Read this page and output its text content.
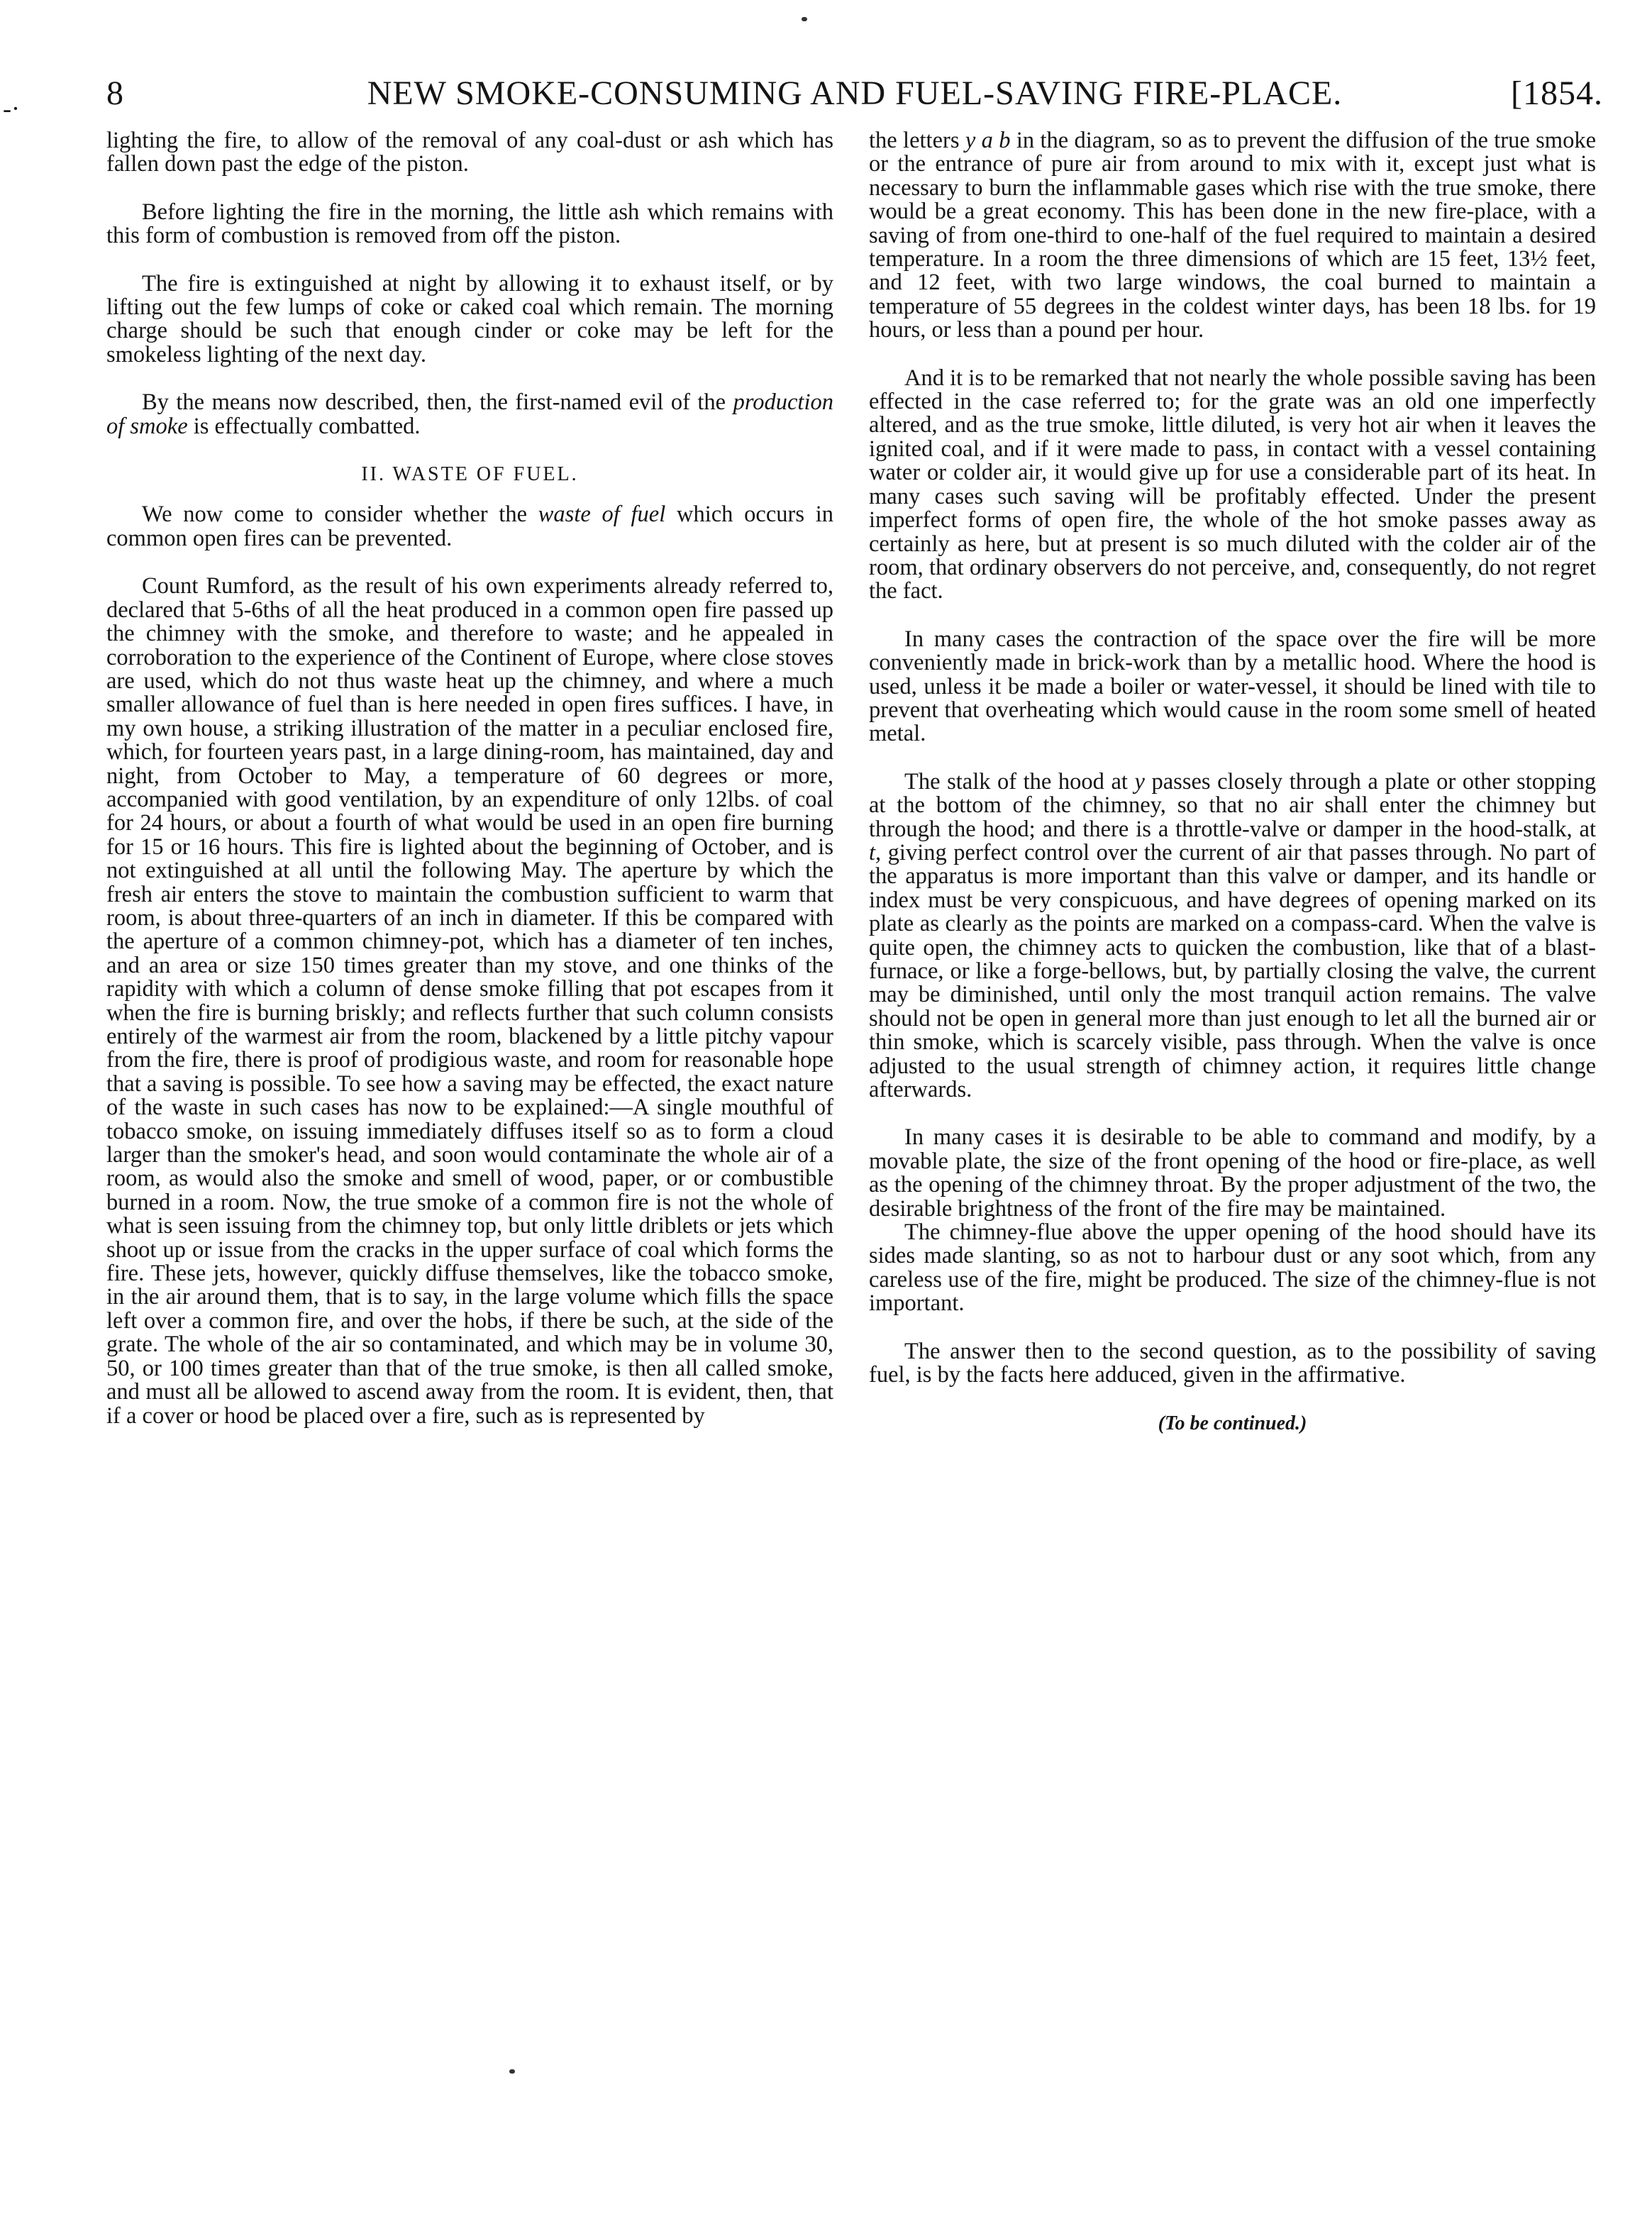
-·	8	NEW SMOKE-CONSUMING AND FUEL-SAVING FIRE-PLACE.	[1854.

lighting the fire, to allow of the removal of any coal-dust or ash which has fallen down past the edge of the piston.

Before lighting the fire in the morning, the little ash which remains with this form of combustion is removed from off the piston.

The fire is extinguished at night by allowing it to exhaust itself, or by lifting out the few lumps of coke or caked coal which remain. The morning charge should be such that enough cinder or coke may be left for the smokeless lighting of the next day.

By the means now described, then, the first-named evil of the production of smoke is effectually combatted.

II. WASTE OF FUEL.

We now come to consider whether the waste of fuel which occurs in common open fires can be prevented.

Count Rumford, as the result of his own experiments already referred to, declared that 5-6ths of all the heat produced in a common open fire passed up the chimney with the smoke, and therefore to waste; and he appealed in corroboration to the experience of the Continent of Europe, where close stoves are used, which do not thus waste heat up the chimney, and where a much smaller allowance of fuel than is here needed in open fires suffices. I have, in my own house, a striking illustration of the matter in a peculiar enclosed fire, which, for fourteen years past, in a large dining-room, has maintained, day and night, from October to May, a temperature of 60 degrees or more, accompanied with good ventilation, by an expenditure of only 12lbs. of coal for 24 hours, or about a fourth of what would be used in an open fire burning for 15 or 16 hours. This fire is lighted about the beginning of October, and is not extinguished at all until the following May. The aperture by which the fresh air enters the stove to maintain the combustion sufficient to warm that room, is about three-quarters of an inch in diameter. If this be compared with the aperture of a common chimney-pot, which has a diameter of ten inches, and an area or size 150 times greater than my stove, and one thinks of the rapidity with which a column of dense smoke filling that pot escapes from it when the fire is burning briskly; and reflects further that such column consists entirely of the warmest air from the room, blackened by a little pitchy vapour from the fire, there is proof of prodigious waste, and room for reasonable hope that a saving is possible. To see how a saving may be effected, the exact nature of the waste in such cases has now to be explained:—A single mouthful of tobacco smoke, on issuing immediately diffuses itself so as to form a cloud larger than the smoker's head, and soon would contaminate the whole air of a room, as would also the smoke and smell of wood, paper, or or combustible burned in a room. Now, the true smoke of a common fire is not the whole of what is seen issuing from the chimney top, but only little driblets or jets which shoot up or issue from the cracks in the upper surface of coal which forms the fire. These jets, however, quickly diffuse themselves, like the tobacco smoke, in the air around them, that is to say, in the large volume which fills the space left over a common fire, and over the hobs, if there be such, at the side of the grate. The whole of the air so contaminated, and which may be in volume 30, 50, or 100 times greater than that of the true smoke, is then all called smoke, and must all be allowed to ascend away from the room. It is evident, then, that if a cover or hood be placed over a fire, such as is represented by

the letters y a b in the diagram, so as to prevent the diffusion of the true smoke or the entrance of pure air from around to mix with it, except just what is necessary to burn the inflammable gases which rise with the true smoke, there would be a great economy. This has been done in the new fire-place, with a saving of from one-third to one-half of the fuel required to maintain a desired temperature. In a room the three dimensions of which are 15 feet, 13½ feet, and 12 feet, with two large windows, the coal burned to maintain a temperature of 55 degrees in the coldest winter days, has been 18 lbs. for 19 hours, or less than a pound per hour.

And it is to be remarked that not nearly the whole possible saving has been effected in the case referred to; for the grate was an old one imperfectly altered, and as the true smoke, little diluted, is very hot air when it leaves the ignited coal, and if it were made to pass, in contact with a vessel containing water or colder air, it would give up for use a considerable part of its heat. In many cases such saving will be profitably effected. Under the present imperfect forms of open fire, the whole of the hot smoke passes away as certainly as here, but at present is so much diluted with the colder air of the room, that ordinary observers do not perceive, and, consequently, do not regret the fact.

In many cases the contraction of the space over the fire will be more conveniently made in brick-work than by a metallic hood. Where the hood is used, unless it be made a boiler or water-vessel, it should be lined with tile to prevent that overheating which would cause in the room some smell of heated metal.

The stalk of the hood at y passes closely through a plate or other stopping at the bottom of the chimney, so that no air shall enter the chimney but through the hood; and there is a throttle-valve or damper in the hood-stalk, at t, giving perfect control over the current of air that passes through. No part of the apparatus is more important than this valve or damper, and its handle or index must be very conspicuous, and have degrees of opening marked on its plate as clearly as the points are marked on a compass-card. When the valve is quite open, the chimney acts to quicken the combustion, like that of a blast-furnace, or like a forge-bellows, but, by partially closing the valve, the current may be diminished, until only the most tranquil action remains. The valve should not be open in general more than just enough to let all the burned air or thin smoke, which is scarcely visible, pass through. When the valve is once adjusted to the usual strength of chimney action, it requires little change afterwards.

In many cases it is desirable to be able to command and modify, by a movable plate, the size of the front opening of the hood or fire-place, as well as the opening of the chimney throat. By the proper adjustment of the two, the desirable brightness of the front of the fire may be maintained.

The chimney-flue above the upper opening of the hood should have its sides made slanting, so as not to harbour dust or any soot which, from any careless use of the fire, might be produced. The size of the chimney-flue is not important.

The answer then to the second question, as to the possibility of saving fuel, is by the facts here adduced, given in the affirmative.

(To be continued.)
